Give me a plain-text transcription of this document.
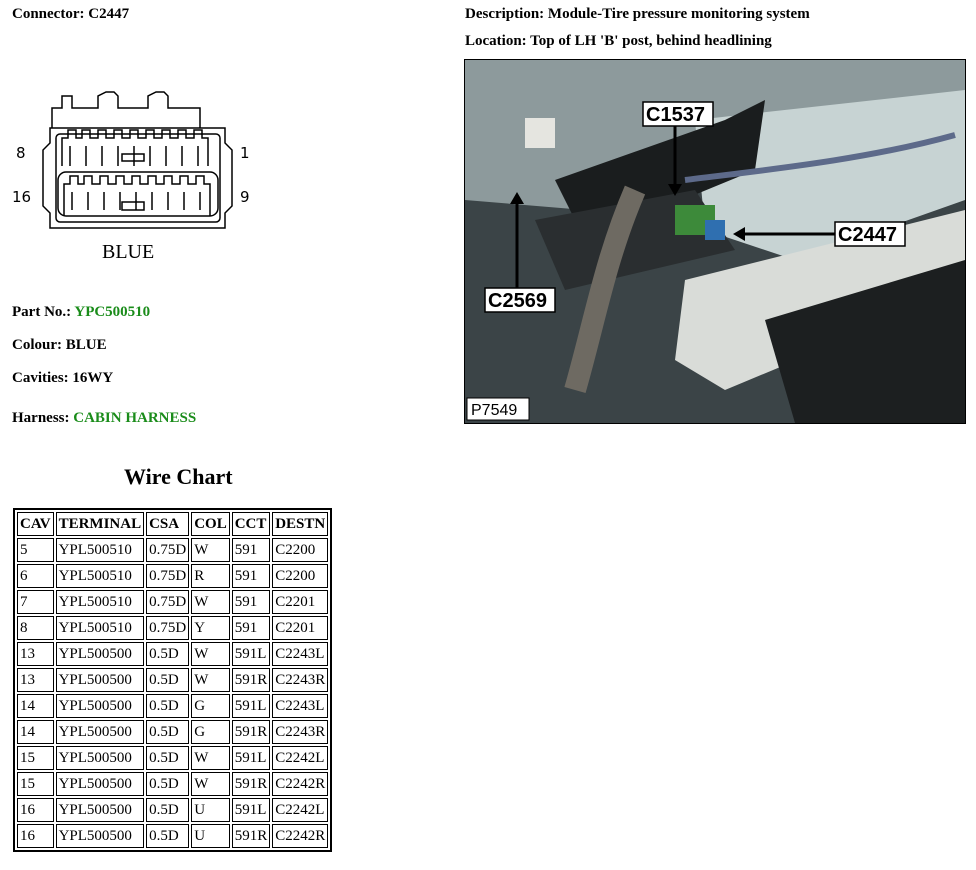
Connector: C2447
8	1
16	9
BLUE
Part No.: YPC500510
Colour: BLUE
Cavities: 16WY
Harness: CABIN HARNESS
Description: Module-Tire pressure monitoring system
Location: Top of LH 'B' post, behind headlining
C1537
C2447
C2569
P7549
Wire Chart
CAV	TERMINAL	CSA	COL	CCT	DESTN
5	YPL500510	0.75D	W	591	C2200
6	YPL500510	0.75D	R	591	C2200
7	YPL500510	0.75D	W	591	C2201
8	YPL500510	0.75D	Y	591	C2201
13	YPL500500	0.5D	W	591L	C2243L
13	YPL500500	0.5D	W	591R	C2243R
14	YPL500500	0.5D	G	591L	C2243L
14	YPL500500	0.5D	G	591R	C2243R
15	YPL500500	0.5D	W	591L	C2242L
15	YPL500500	0.5D	W	591R	C2242R
16	YPL500500	0.5D	U	591L	C2242L
16	YPL500500	0.5D	U	591R	C2242R
